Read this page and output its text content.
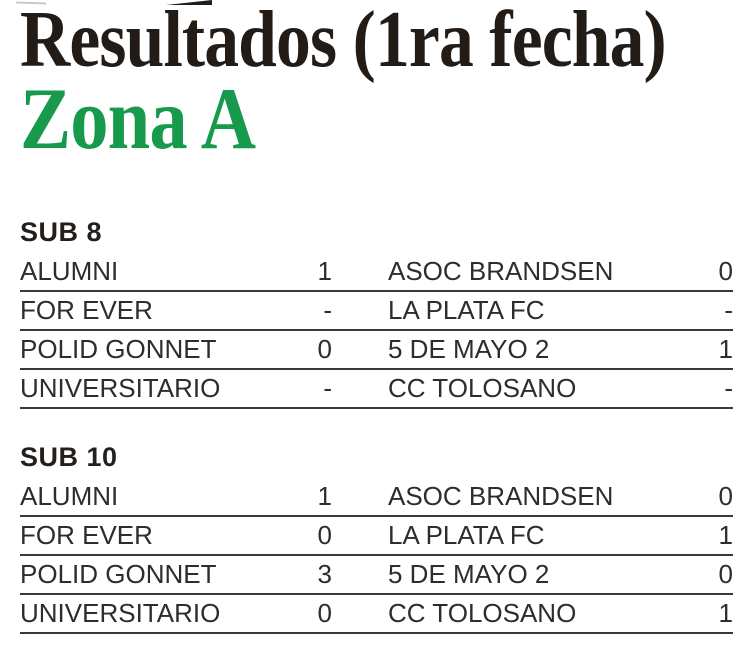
Resultados (1ra fecha)
Zona A
SUB 8
ALUMNI	1 ASOC BRANDSEN	0
FOR EVER	- LA PLATA FC	-
POLID GONNET	0 5 DE MAYO 2	1
UNIVERSITARIO	- CC TOLOSANO	-
SUB 10
ALUMNI	1 ASOC BRANDSEN	0
FOR EVER	0 LA PLATA FC	1
POLID GONNET	3 5 DE MAYO 2	0
UNIVERSITARIO	0 CC TOLOSANO	1
